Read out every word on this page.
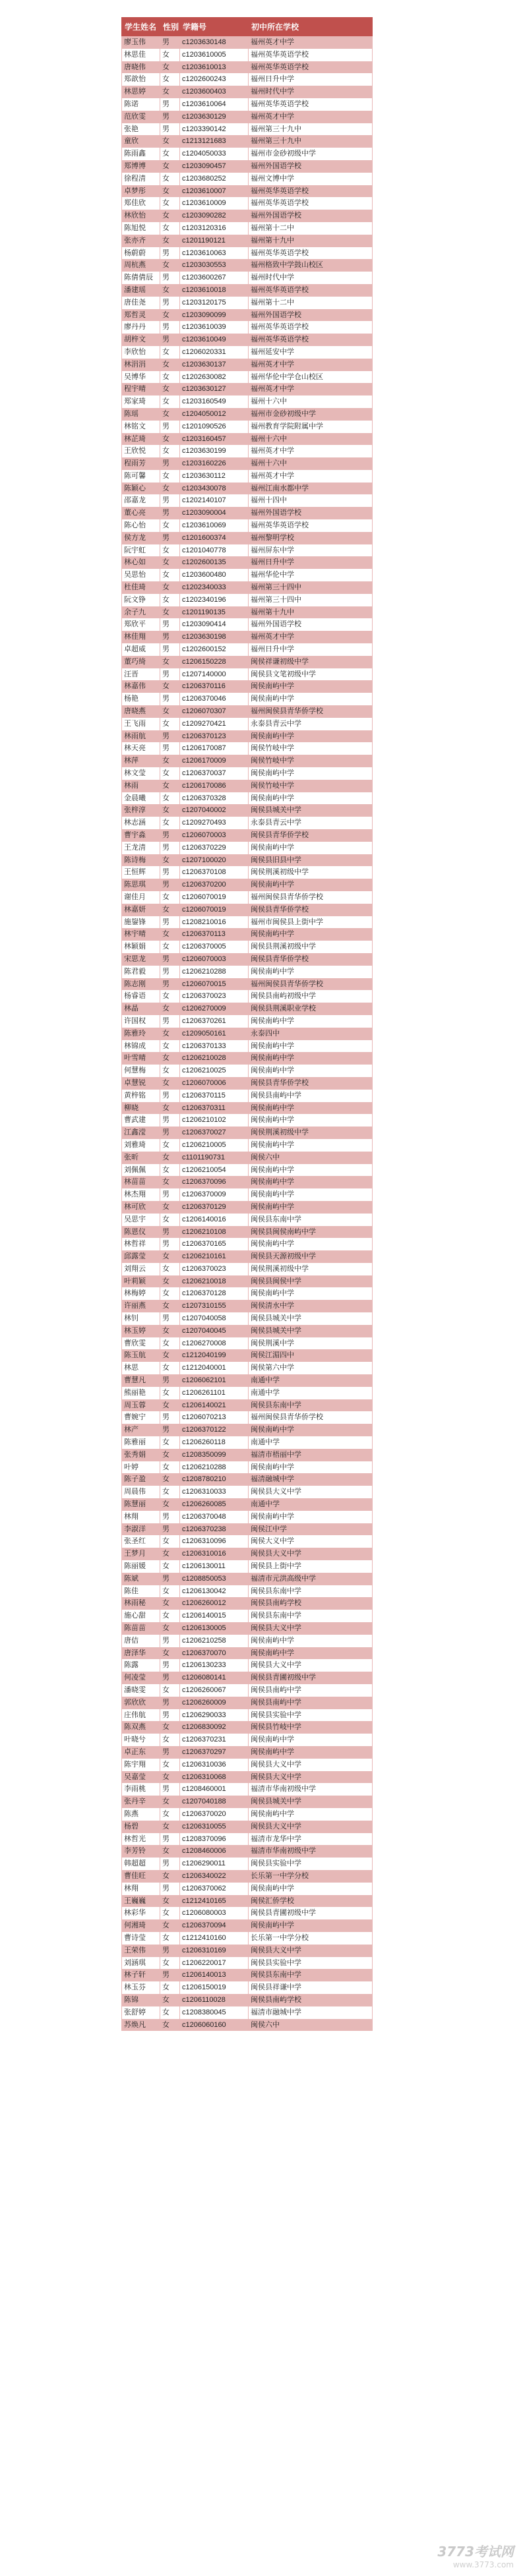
学生姓名	性别	学籍号	初中所在学校
廖玉伟	男	c1203630148	福州英才中学
林思佳	女	c1203610005	福州英华英语学校
唐晓伟	女	c1203610013	福州英华英语学校
郑歆怡	女	c1202600243	福州日升中学
林思婷	女	c1203600403	福州时代中学
陈诺	男	c1203610064	福州英华英语学校
范欣雯	男	c1203630129	福州英才中学
张艳	男	c1203390142	福州第三十九中
童欣	女	c1213121683	福州第三十九中
陈雨鑫	女	c1204050033	福州市金砂初级中学
郑博博	女	c1203090457	福州外国语学校
徐程清	女	c1203680252	福州文博中学
卓梦彤	女	c1203610007	福州英华英语学校
郑佳欣	女	c1203610009	福州英华英语学校
林欣怡	女	c1203090282	福州外国语学校
陈旭悦	女	c1203120316	福州第十二中
张亦齐	女	c1201190121	福州第十九中
杨蔚蔚	男	c1203610063	福州英华英语学校
周杭燕	女	c1203030553	福州格致中学鼓山校区
陈倩倩辰	男	c1203600267	福州时代中学
潘建瑶	女	c1203610018	福州英华英语学校
唐佳尧	男	c1203120175	福州第十二中
郑哲灵	女	c1203090099	福州外国语学校
廖丹丹	男	c1203610039	福州英华英语学校
胡梓文	男	c1203610049	福州英华英语学校
李欣怡	女	c1206020331	福州延安中学
林涓涓	女	c1203630137	福州英才中学
吴博华	女	c1202630082	福州华伦中学仓山校区
程宇晴	女	c1203630127	福州英才中学
郑家琦	女	c1203160549	福州十六中
陈瑶	女	c1204050012	福州市金砂初级中学
林铭文	男	c1201090526	福州教育学院附属中学
林芷琦	女	c1203160457	福州十六中
王欣悦	女	c1203630199	福州英才中学
程雨芳	男	c1203160226	福州十六中
陈可馨	女	c1203630112	福州英才中学
陈颖心	女	c1203430078	福州江南水都中学
邵嘉龙	男	c1202140107	福州十四中
董心亮	男	c1203090004	福州外国语学校
陈心怡	女	c1203610069	福州英华英语学校
侯方龙	男	c1201600374	福州黎明学校
阮宇虹	女	c1201040778	福州屏东中学
林心如	女	c1202600135	福州日升中学
吴思怡	女	c1203600480	福州华伦中学
杜佳琦	女	c1202340033	福州第三十四中
阮文铮	女	c1202340196	福州第三十四中
余子九	女	c1201190135	福州第十九中
郑欣平	男	c1203090414	福州外国语学校
林佳翔	男	c1203630198	福州英才中学
卓超威	男	c1202600152	福州日升中学
董巧绮	女	c1206150228	闽侯祥谦初级中学
汪晋	男	c1207140000	闽侯县文笔初级中学
林嘉伟	女	c1206370116	闽侯南屿中学
杨艳	男	c1206370046	闽侯南屿中学
唐晓燕	女	c1206070307	福州闽侯县青华侨学校
王飞雨	女	c1209270421	永泰县青云中学
林雨航	男	c1206370123	闽侯南屿中学
林天亮	男	c1206170087	闽侯竹岐中学
林萍	女	c1206170009	闽侯竹岐中学
林文莹	女	c1206370037	闽侯南屿中学
林雨	女	c1206170086	闽侯竹岐中学
金晨曦	女	c1206370328	闽侯南屿中学
张梓淳	女	c1207040002	闽侯县城关中学
林志涵	女	c1209270493	永泰县青云中学
曹宇淼	男	c1206070003	闽侯县青华侨学校
王龙清	男	c1206370229	闽侯南屿中学
陈诗梅	女	c1207100020	闽侯县旧县中学
王恒辉	男	c1206370108	闽侯荆溪初级中学
陈思琪	男	c1206370200	闽侯南屿中学
谢佳月	女	c1206070019	福州闽侯县青华侨学校
林嘉妍	女	c1206070019	闽侯县青华侨学校
施鋆锋	男	c1208210016	福州市闽侯县上街中学
林宇晴	女	c1206370113	闽侯南屿中学
林颖娟	女	c1206370005	闽侯县荆溪初级中学
宋思龙	男	c1206070003	闽侯县青华侨学校
陈君毅	男	c1206210288	闽侯南屿中学
陈志刚	男	c1206070015	福州闽侯县青华侨学校
杨睿语	女	c1206370023	闽侯县南屿初级中学
林晶	女	c1206270009	闽侯县荆溪职业学校
许国权	男	c1206370261	闽侯南屿中学
陈雅玲	女	c1209050161	永泰四中
林锦成	女	c1206370133	闽侯南屿中学
叶雪晴	女	c1206210028	闽侯南屿中学
何慧梅	女	c1206210025	闽侯南屿中学
卓慧锐	女	c1206070006	闽侯县青华侨学校
黄梓铭	男	c1206370115	闽侯县南屿中学
柳晓	女	c1206370311	闽侯南屿中学
曹武建	男	c1206210102	闽侯南屿中学
江鑫滢	男	c1206370027	闽侯荆溪初级中学
刘雅琦	女	c1206210005	闽侯南屿中学
张昕	女	c1101190731	闽侯六中
刘佩佩	女	c1206210054	闽侯南屿中学
林苗苗	女	c1206370096	闽侯南屿中学
林杰翔	男	c1206370009	闽侯南屿中学
林可欣	女	c1206370129	闽侯南屿中学
吴思宇	女	c1206140016	闽侯县东南中学
陈恩仪	男	c1206210108	闽侯县闽侯南屿中学
林哲祥	男	c1206370165	闽侯南屿中学
邱露莹	女	c1206210161	闽侯县天源初级中学
刘翔云	女	c1206370023	闽侯荆溪初级中学
叶莉颖	女	c1206210018	闽侯县闽侯中学
林梅婷	女	c1206370128	闽侯南屿中学
许丽燕	女	c1207310155	闽侯清水中学
林钊	男	c1207040058	闽侯县城关中学
林玉婷	女	c1207040045	闽侯县城关中学
曹欣雯	女	c1206270008	闽侯荆溪中学
陈玉航	女	c1212040199	闽侯江湄四中
林思	女	c1212040001	闽侯第六中学
曹慧凡	男	c1206062101	南通中学
熊丽艳	女	c1206261101	南通中学
周玉蓉	女	c1206140021	闽侯县东南中学
曹婉宁	男	c1206070213	福州闽侯县青华侨学校
林产	男	c1206370122	闽侯南屿中学
陈雅丽	女	c1206260118	南通中学
张秀娟	女	c1208350099	福清市梧丽中学
叶婷	女	c1206210288	闽侯南屿中学
陈子盈	女	c1208780210	福清融城中学
周晨伟	女	c1206310033	闽侯县大义中学
陈慧丽	女	c1206260085	南通中学
林翔	男	c1206370048	闽侯南屿中学
李淑洋	男	c1206370238	闽侯江中学
张圣红	女	c1206310096	闽侯大义中学
王梦月	女	c1206310016	闽侯县大义中学
陈丽媛	女	c1206130011	闽侯县上街中学
陈斌	男	c1208850053	福清市元洪高级中学
陈佳	女	c1206130042	闽侯县东南中学
林雨秘	女	c1206260012	闽侯县南屿学校
施心甜	女	c1206140015	闽侯县东南中学
陈苗苗	女	c1206130005	闽侯县大义中学
唐佶	男	c1206210258	闽侯南屿中学
唐泽华	女	c1206370070	闽侯南屿中学
陈露	男	c1206130233	闽侯县大义中学
何凌莹	男	c1206080141	闽侯县青圃初级中学
潘晓雯	女	c1206260067	闽侯县南屿中学
郭欣欣	男	c1206260009	闽侯县南屿中学
庄伟航	男	c1206290033	闽侯县实验中学
陈双燕	女	c1206830092	闽侯县竹岐中学
叶晓兮	女	c1206370231	闽侯南屿中学
卓正东	男	c1206370297	闽侯南屿中学
陈宇翔	女	c1206310036	闽侯县大义中学
吴嘉莹	女	c1206310068	闽侯县大义中学
李雨桃	男	c1208460001	福清市华南初级中学
张丹辛	女	c1207040188	闽侯县城关中学
陈燕	女	c1206370020	闽侯南屿中学
杨碧	女	c1206310055	闽侯县大义中学
林哲光	男	c1208370096	福清市龙华中学
李芳铃	女	c1208460006	福清市华南初级中学
韩超超	男	c1206290011	闽侯县实验中学
曹佳旺	女	c1206340022	长乐第一中学分校
林翔	男	c1206370062	闽侯南屿中学
王巍巍	女	c1212410165	闽侯汇侨学校
林彩华	女	c1206080003	闽侯县青圃初级中学
何湘琦	女	c1206370094	闽侯南屿中学
曹诗莹	女	c1212410160	长乐第一中学分校
王荣伟	男	c1206310169	闽侯县大义中学
刘涵琪	女	c1206220017	闽侯县实验中学
林子轩	男	c1206140013	闽侯县东南中学
林玉芬	女	c1206150019	闽侯县祥谦中学
陈锦	女	c1206110028	闽侯县南屿学校
张舒婷	女	c1208380045	福清市融城中学
苏焕凡	女	c1206060160	闽侯六中
3773考试网
www.3773.com
